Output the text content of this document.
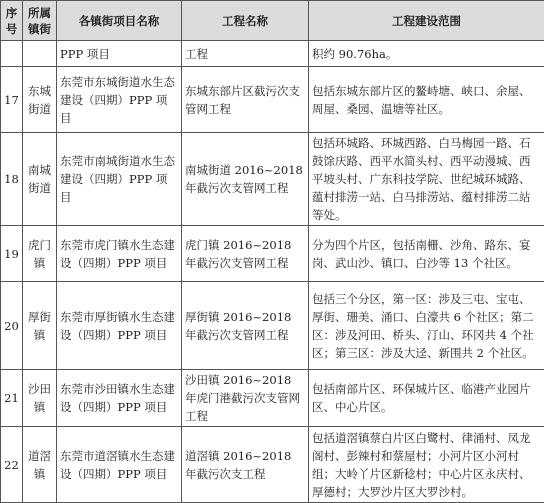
序号	所属镇街	各镇街项目名称	工程名称	工程建设范围
		PPP 项目	工程	积约 90.76ha。
17	东城街道	东莞市东城街道水生态建设（四期）PPP 项目	东城东部片区截污次支管网工程	包括东城东部片区的鳌峙塘、峡口、余屋、周屋、桑园、温塘等社区。
18	南城街道	东莞市南城街道水生态建设（四期）PPP 项目	南城街道 2016~2018 年截污次支管网工程	包括环城路、环城西路、白马梅园一路、石鼓馀庆路、西平水简头村、西平动漫城、西平坡头村、广东科技学院、世纪城环城路、蕴村排涝一站、白马排涝站、蕴村排涝二站等处。
19	虎门镇	东莞市虎门镇水生态建设（四期）PPP 项目	虎门镇 2016~2018 年截污次支管网工程	分为四个片区，包括南栅、沙角、路东、宴岗、武山沙、镇口、白沙等 13 个社区。
20	厚街镇	东莞市厚街镇水生态建设（四期）PPP 项目	厚街镇 2016~2018 年截污次支管网工程	包括三个分区，第一区：涉及三屯、宝屯、厚街、珊美、涌口、白濠共 6 个社区；第二区：涉及河田、桥头、汀山、环冈共 4 个社区；第三区：涉及大迳、新围共 2 个社区。
21	沙田镇	东莞市沙田镇水生态建设（四期）PPP 项目	沙田镇 2016~2018 年虎门港截污次支管网工程	包括南部片区、环保城片区、临港产业园片区、中心片区。
22	道滘镇	东莞市道滘镇水生态建设（四期）PPP 项目	道滘镇 2016~2018 年截污次支工程	包括道滘镇蔡白片区白鹭村、律涌村、凤龙阁村、彭辣村和蔡屋村；小河片区小河村组；大岭丫片区新稔村；中心片区永庆村、厚德村；大罗沙片区大罗沙村。
